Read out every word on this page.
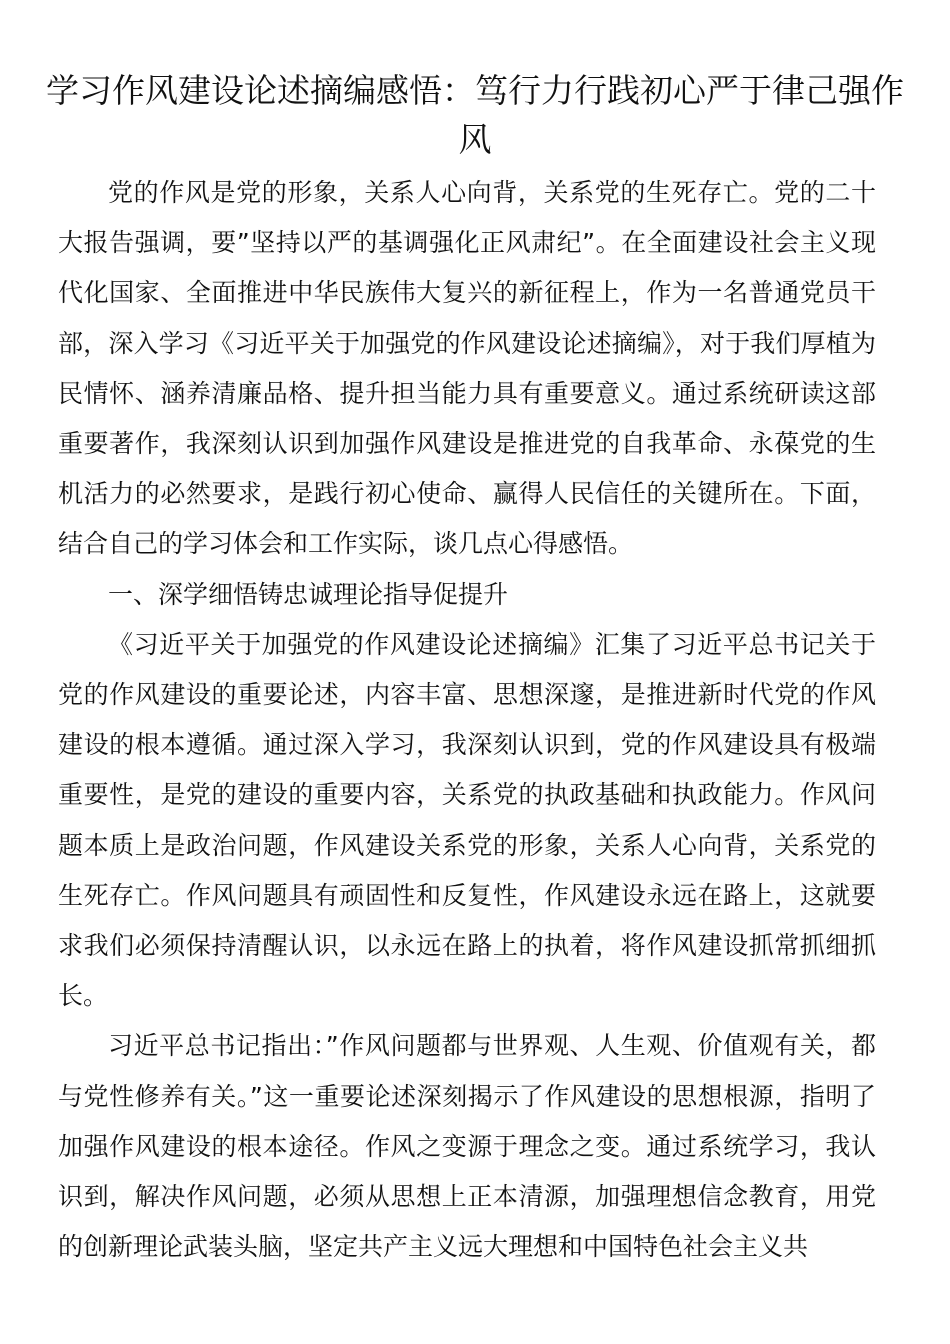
学习作风建设论述摘编感悟：笃行力行践初心严于律己强作风

党的作风是党的形象，关系人心向背，关系党的生死存亡。党的二十大报告强调，要”坚持以严的基调强化正风肃纪”。在全面建设社会主义现代化国家、全面推进中华民族伟大复兴的新征程上，作为一名普通党员干部，深入学习《习近平关于加强党的作风建设论述摘编》，对于我们厚植为民情怀、涵养清廉品格、提升担当能力具有重要意义。通过系统研读这部重要著作，我深刻认识到加强作风建设是推进党的自我革命、永葆党的生机活力的必然要求，是践行初心使命、赢得人民信任的关键所在。下面，结合自己的学习体会和工作实际，谈几点心得感悟。

一、深学细悟铸忠诚理论指导促提升

《习近平关于加强党的作风建设论述摘编》汇集了习近平总书记关于党的作风建设的重要论述，内容丰富、思想深邃，是推进新时代党的作风建设的根本遵循。通过深入学习，我深刻认识到，党的作风建设具有极端重要性，是党的建设的重要内容，关系党的执政基础和执政能力。作风问题本质上是政治问题，作风建设关系党的形象，关系人心向背，关系党的生死存亡。作风问题具有顽固性和反复性，作风建设永远在路上，这就要求我们必须保持清醒认识，以永远在路上的执着，将作风建设抓常抓细抓长。

习近平总书记指出：”作风问题都与世界观、人生观、价值观有关，都与党性修养有关。”这一重要论述深刻揭示了作风建设的思想根源，指明了加强作风建设的根本途径。作风之变源于理念之变。通过系统学习，我认识到，解决作风问题，必须从思想上正本清源，加强理想信念教育，用党的创新理论武装头脑，坚定共产主义远大理想和中国特色社会主义共
